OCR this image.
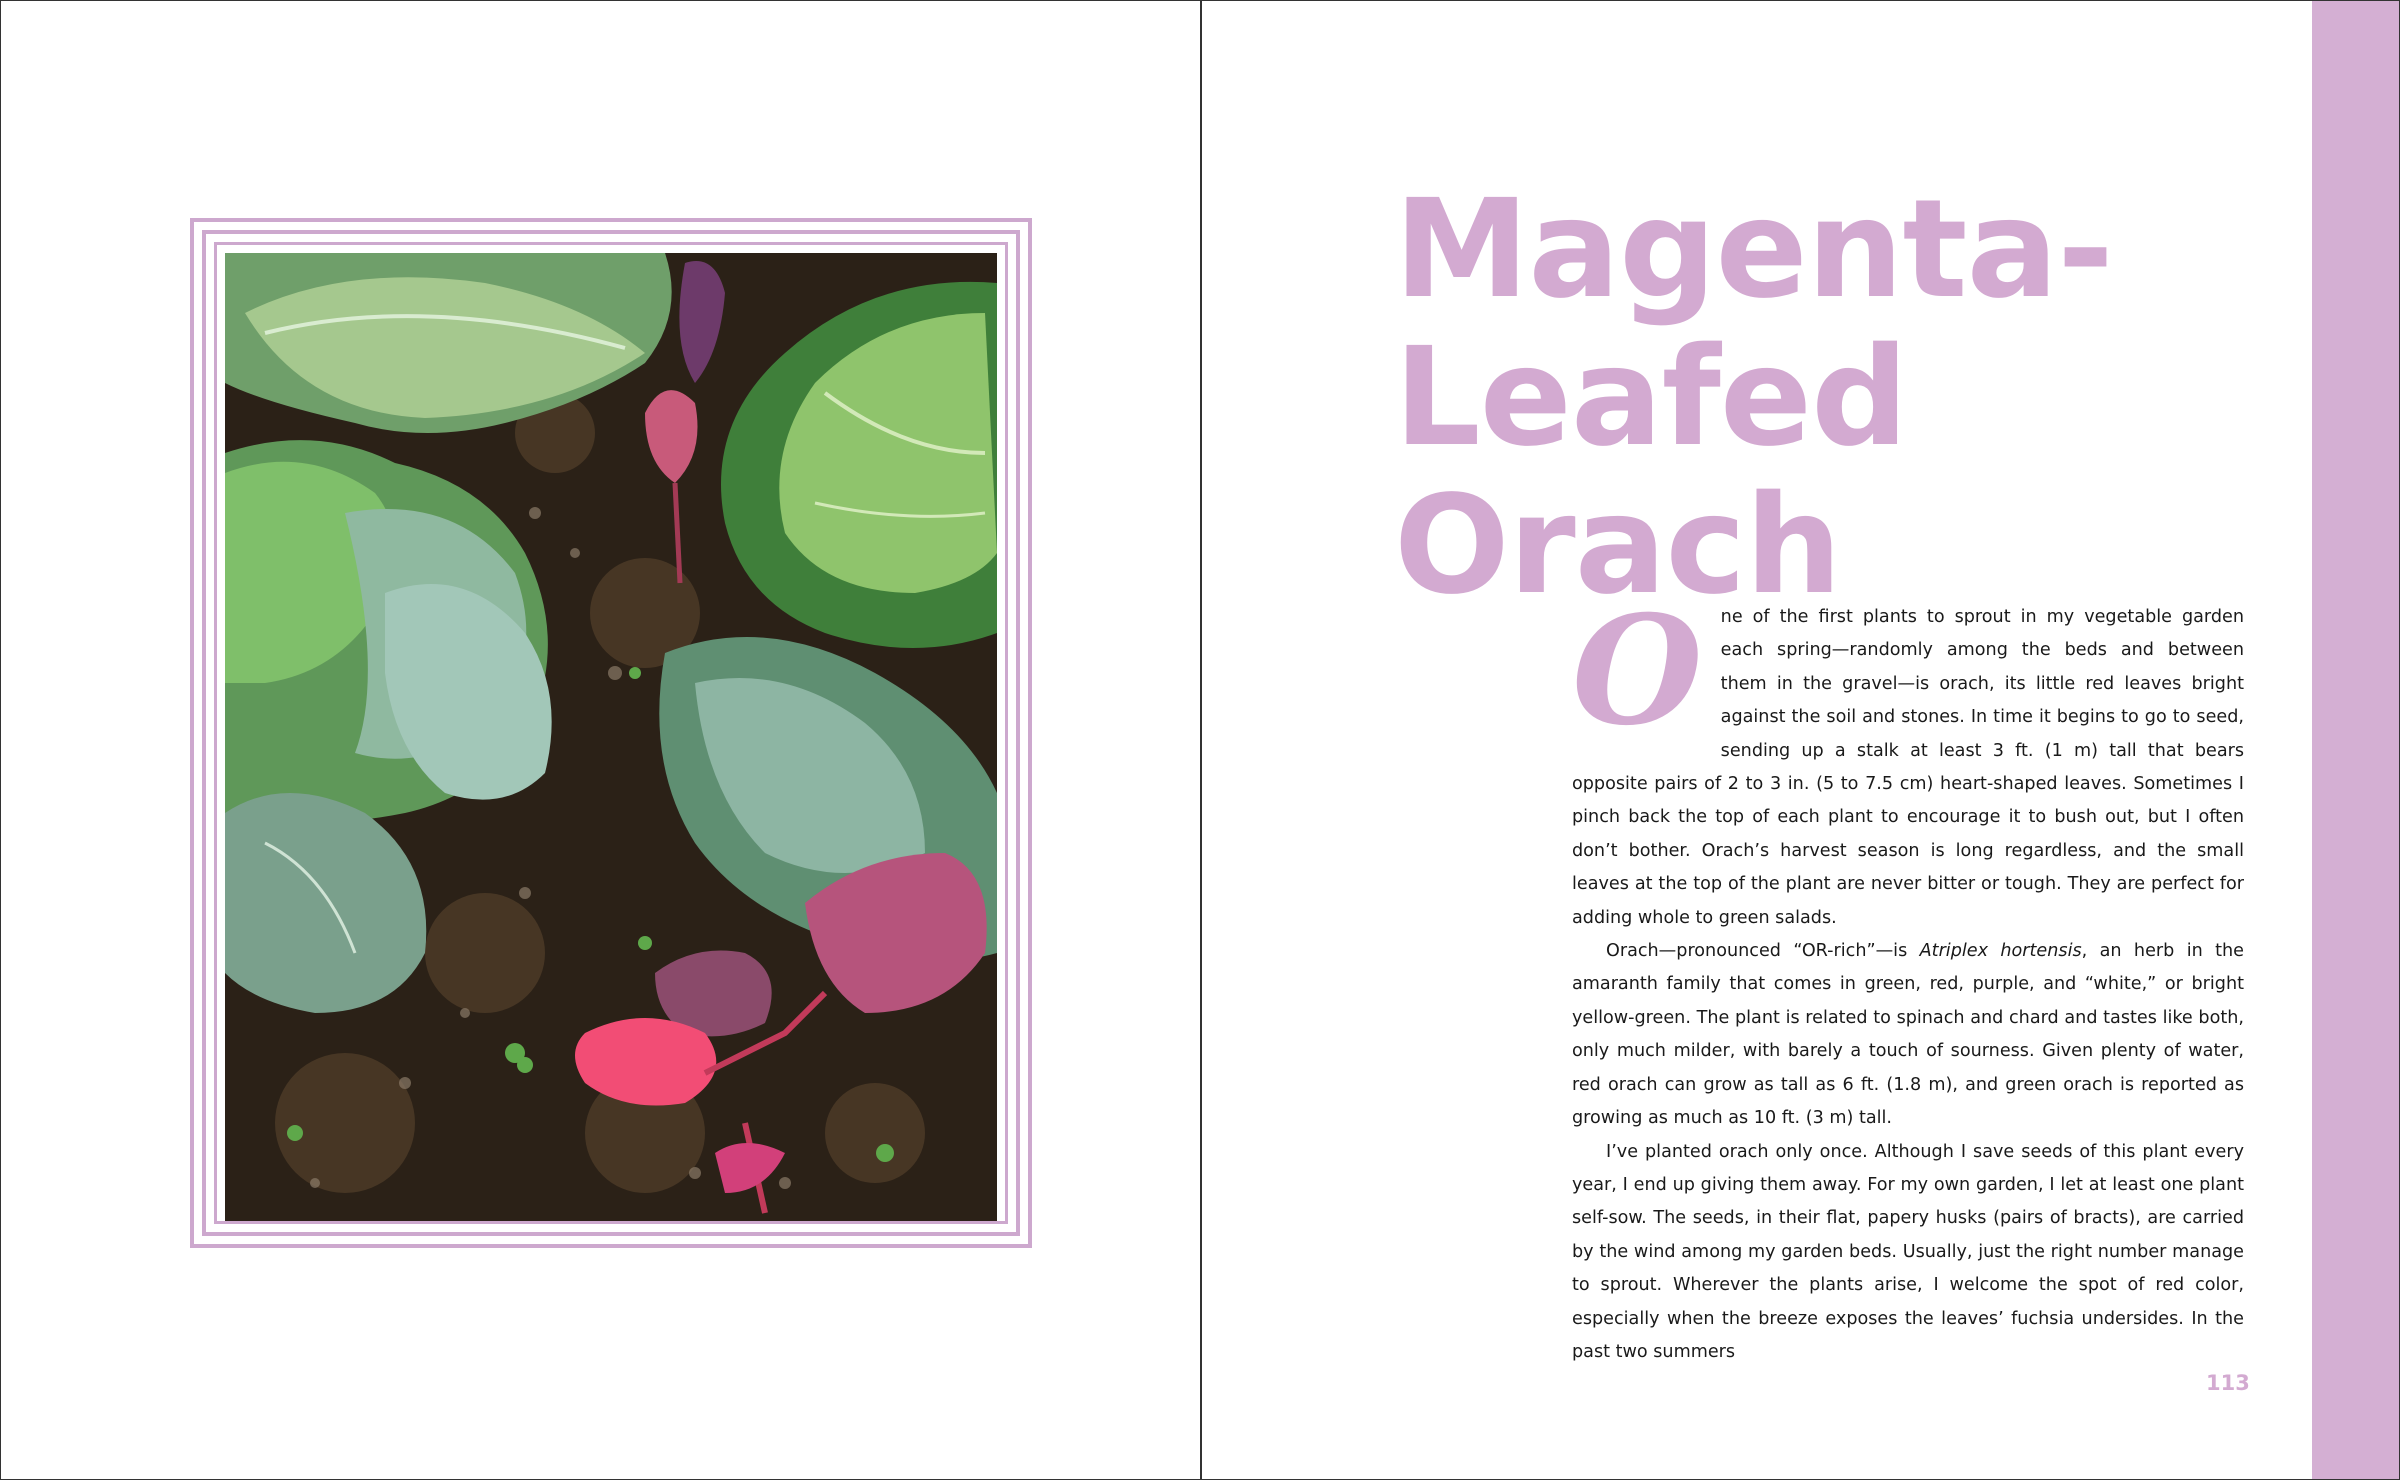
Magenta-
Leafed Orach

O ne of the first plants to sprout in my vegetable garden each spring—randomly among the beds and between them in the gravel—is orach, its little red leaves bright against the soil and stones. In time it begins to go to seed, sending up a stalk at least 3 ft. (1 m) tall that bears opposite pairs of 2 to 3 in. (5 to 7.5 cm) heart-shaped leaves. Sometimes I pinch back the top of each plant to encourage it to bush out, but I often don’t bother. Orach’s harvest season is long regardless, and the small leaves at the top of the plant are never bitter or tough. They are perfect for adding whole to green salads.

Orach—pronounced “OR-rich”—is Atriplex hortensis, an herb in the amaranth family that comes in green, red, purple, and “white,” or bright yellow-green. The plant is related to spinach and chard and tastes like both, only much milder, with barely a touch of sourness. Given plenty of water, red orach can grow as tall as 6 ft. (1.8 m), and green orach is reported as growing as much as 10 ft. (3 m) tall.

I’ve planted orach only once. Although I save seeds of this plant every year, I end up giving them away. For my own garden, I let at least one plant self-sow. The seeds, in their flat, papery husks (pairs of bracts), are carried by the wind among my garden beds. Usually, just the right number manage to sprout. Wherever the plants arise, I welcome the spot of red color, especially when the breeze exposes the leaves’ fuchsia undersides. In the past two summers

113
